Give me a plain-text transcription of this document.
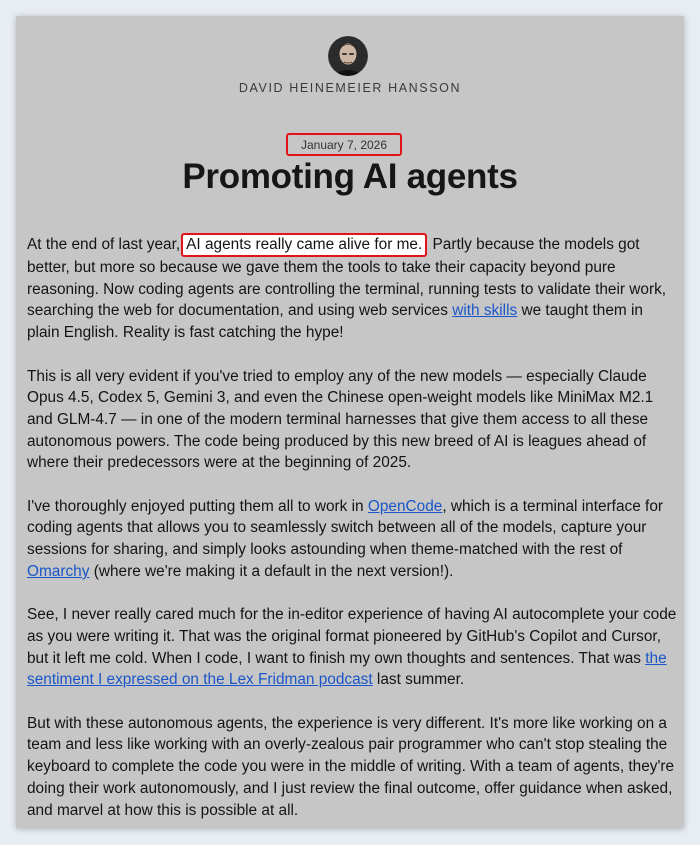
DAVID HEINEMEIER HANSSON
January 7, 2026
Promoting AI agents

At the end of last year, AI agents really came alive for me. Partly because the models got better, but more so because we gave them the tools to take their capacity beyond pure reasoning. Now coding agents are controlling the terminal, running tests to validate their work, searching the web for documentation, and using web services with skills we taught them in plain English. Reality is fast catching the hype!

This is all very evident if you've tried to employ any of the new models — especially Claude Opus 4.5, Codex 5, Gemini 3, and even the Chinese open-weight models like MiniMax M2.1 and GLM-4.7 — in one of the modern terminal harnesses that give them access to all these autonomous powers. The code being produced by this new breed of AI is leagues ahead of where their predecessors were at the beginning of 2025.

I've thoroughly enjoyed putting them all to work in OpenCode, which is a terminal interface for coding agents that allows you to seamlessly switch between all of the models, capture your sessions for sharing, and simply looks astounding when theme-matched with the rest of Omarchy (where we're making it a default in the next version!).

See, I never really cared much for the in-editor experience of having AI autocomplete your code as you were writing it. That was the original format pioneered by GitHub's Copilot and Cursor, but it left me cold. When I code, I want to finish my own thoughts and sentences. That was the sentiment I expressed on the Lex Fridman podcast last summer.

But with these autonomous agents, the experience is very different. It's more like working on a team and less like working with an overly-zealous pair programmer who can't stop stealing the keyboard to complete the code you were in the middle of writing. With a team of agents, they're doing their work autonomously, and I just review the final outcome, offer guidance when asked, and marvel at how this is possible at all.
